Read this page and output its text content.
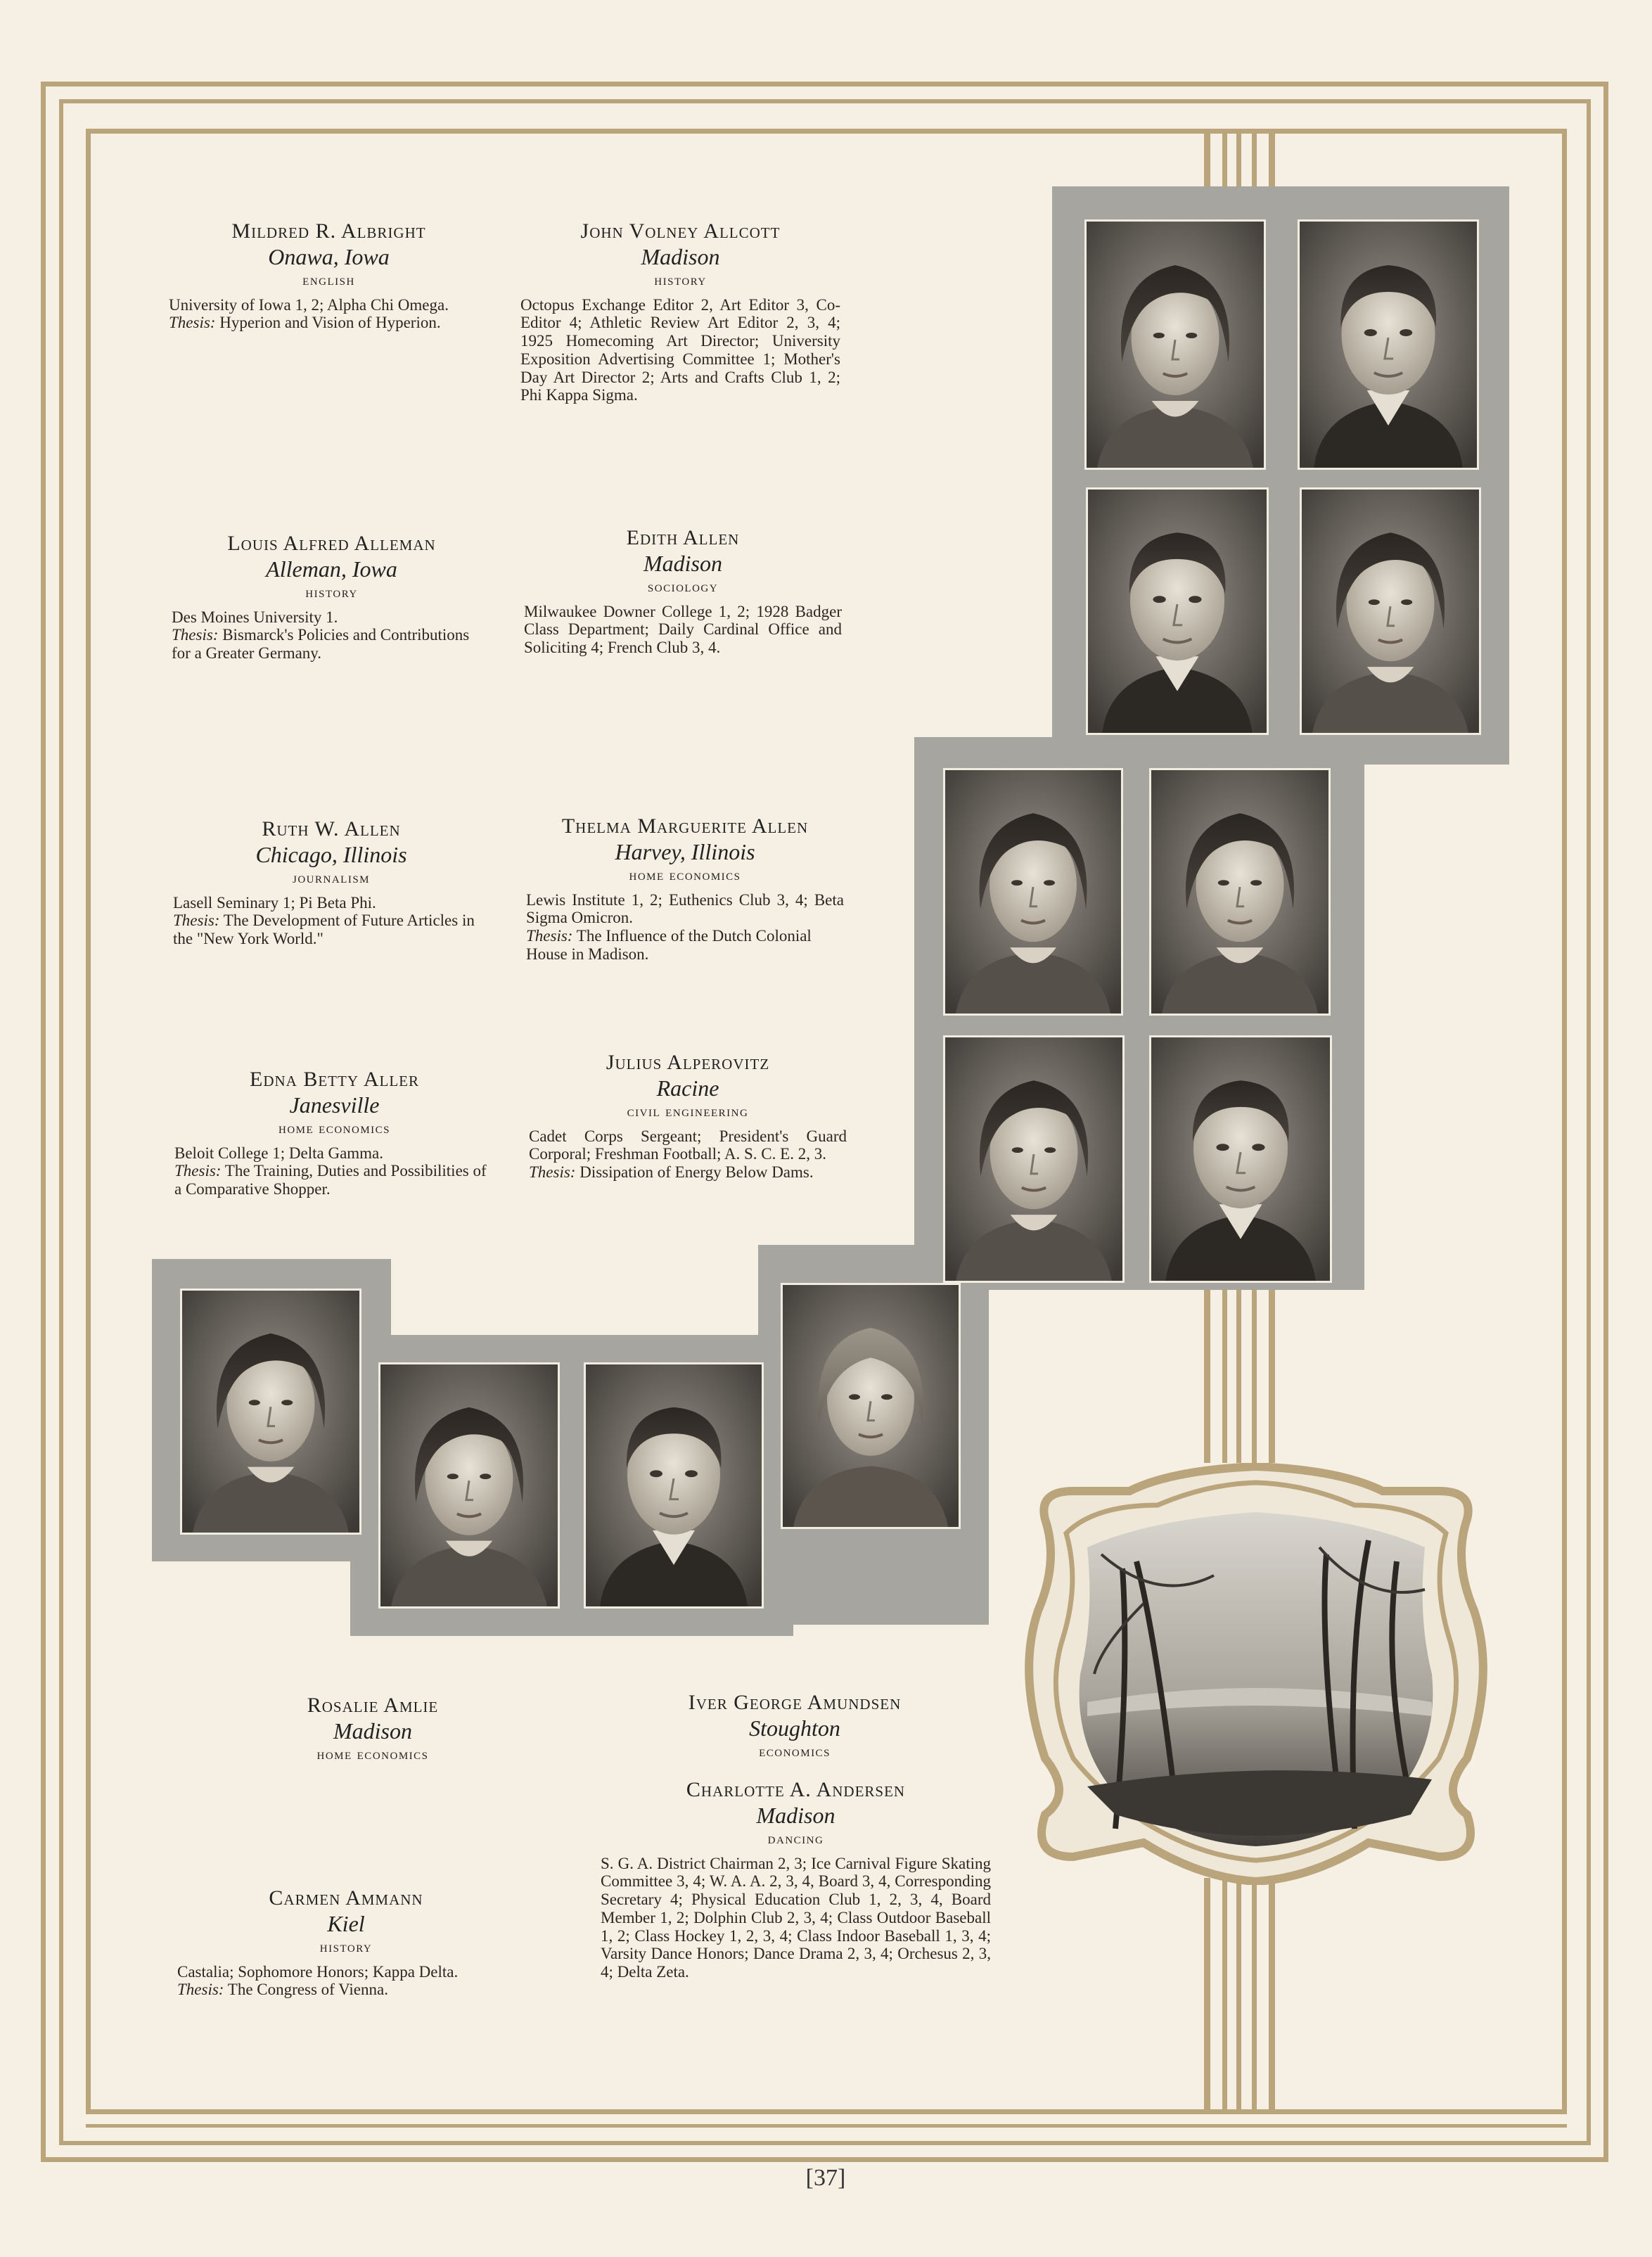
Mildred R. Albright
Onawa, Iowa
english
University of Iowa 1, 2; Alpha Chi Omega.
Thesis: Hyperion and Vision of Hyperion.
John Volney Allcott
Madison
history
Octopus Exchange Editor 2, Art Editor 3, Co-Editor 4; Athletic Review Art Editor 2, 3, 4; 1925 Homecoming Art Director; University Exposition Advertising Committee 1; Mother's Day Art Director 2; Arts and Crafts Club 1, 2; Phi Kappa Sigma.
Louis Alfred Alleman
Alleman, Iowa
history
Des Moines University 1.
Thesis: Bismarck's Policies and Contributions for a Greater Germany.
Edith Allen
Madison
sociology
Milwaukee Downer College 1, 2; 1928 Badger Class Department; Daily Cardinal Office and Soliciting 4; French Club 3, 4.
Ruth W. Allen
Chicago, Illinois
journalism
Lasell Seminary 1; Pi Beta Phi.
Thesis: The Development of Future Articles in the "New York World."
Thelma Marguerite Allen
Harvey, Illinois
home economics
Lewis Institute 1, 2; Euthenics Club 3, 4; Beta Sigma Omicron.
Thesis: The Influence of the Dutch Colonial House in Madison.
Edna Betty Aller
Janesville
home economics
Beloit College 1; Delta Gamma.
Thesis: The Training, Duties and Possibilities of a Comparative Shopper.
Julius Alperovitz
Racine
civil engineering
Cadet Corps Sergeant; President's Guard Corporal; Freshman Football; A. S. C. E. 2, 3.
Thesis: Dissipation of Energy Below Dams.
Rosalie Amlie
Madison
home economics
Iver George Amundsen
Stoughton
economics
Charlotte A. Andersen
Madison
dancing
S. G. A. District Chairman 2, 3; Ice Carnival Figure Skating Committee 3, 4; W. A. A. 2, 3, 4, Board 3, 4, Corresponding Secretary 4; Physical Education Club 1, 2, 3, 4, Board Member 1, 2; Dolphin Club 2, 3, 4; Class Outdoor Baseball 1, 2; Class Hockey 1, 2, 3, 4; Class Indoor Baseball 1, 3, 4; Varsity Dance Honors; Dance Drama 2, 3, 4; Orchesus 2, 3, 4; Delta Zeta.
Carmen Ammann
Kiel
history
Castalia; Sophomore Honors; Kappa Delta.
Thesis: The Congress of Vienna.
[37]
